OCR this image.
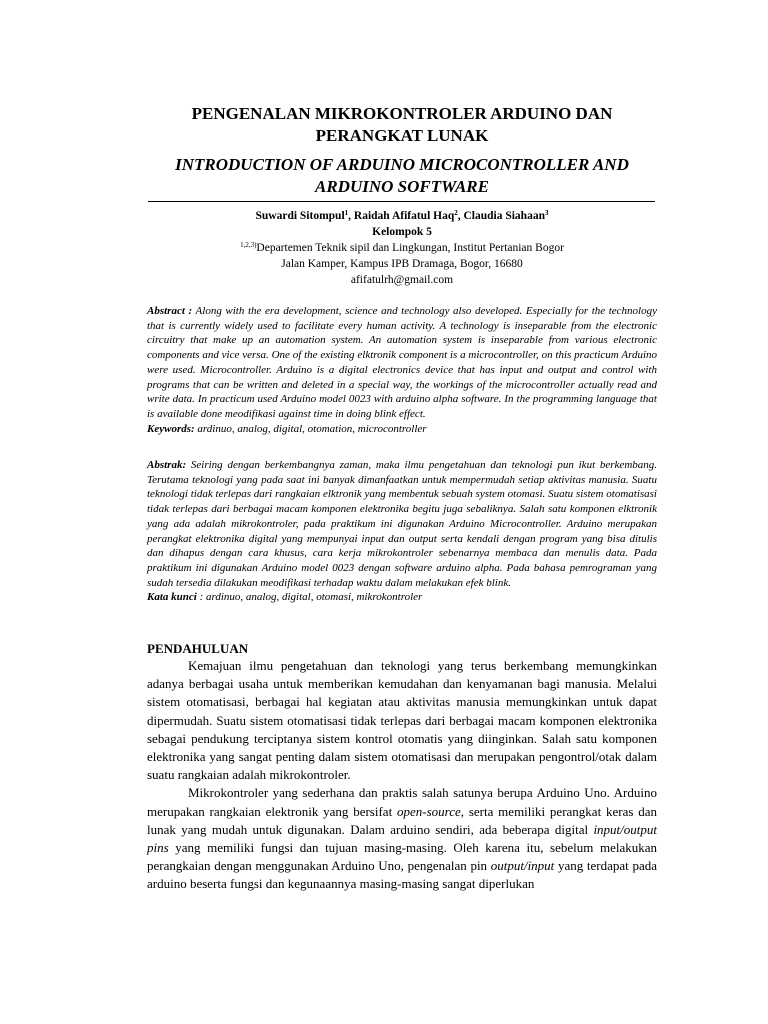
PENGENALAN MIKROKONTROLER ARDUINO DAN PERANGKAT LUNAK
INTRODUCTION OF ARDUINO MICROCONTROLLER AND ARDUINO SOFTWARE
Suwardi Sitompul$^1$, Raidah Afifatul Haq$^2$, Claudia Siahaan$^3$
Kelompok 5
$^{1,2,3)}$Departemen Teknik sipil dan Lingkungan, Institut Pertanian Bogor
Jalan Kamper, Kampus IPB Dramaga, Bogor, 16680
afifatulrh@gmail.com
Abstract : Along with the era development, science and technology also developed. Especially for the technology that is currently widely used to facilitate every human activity. A technology is inseparable from the electronic circuitry that make up an automation system. An automation system is inseparable from various electronic components and vice versa. One of the existing elktronik component is a microcontroller, on this practicum Arduino were used. Microcontroller. Arduino is a digital electronics device that has input and output and control with programs that can be written and deleted in a special way, the workings of the microcontroller actually read and write data. In practicum used Arduino model 0023 with arduino alpha software. In the programming language that is available done meodifikasi against time in doing blink effect.
Keywords: ardinuo, analog, digital, otomation, microcontroller
Abstrak: Seiring dengan berkembangnya zaman, maka ilmu pengetahuan dan teknologi pun ikut berkembang. Terutama teknologi yang pada saat ini banyak dimanfaatkan untuk mempermudah setiap aktivitas manusia. Suatu teknologi tidak terlepas dari rangkaian elktronik yang membentuk sebuah system otomasi. Suatu sistem otomatisasi tidak terlepas dari berbagai macam komponen elektronika begitu juga sebaliknya. Salah satu komponen elktronik yang ada adalah mikrokontroler, pada praktikum ini digunakan Arduino Microcontroller. Arduino merupakan perangkat elektronika digital yang mempunyai input dan output serta kendali dengan program yang bisa ditulis dan dihapus dengan cara khusus, cara kerja mikrokontroler sebenarnya membaca dan menulis data. Pada praktikum ini digunakan Arduino model 0023 dengan software arduino alpha. Pada bahasa pemrograman yang sudah tersedia dilakukan meodifikasi terhadap waktu dalam melakukan efek blink.
Kata kunci : ardinuo, analog, digital, otomasi, mikrokontroler
PENDAHULUAN

Kemajuan ilmu pengetahuan dan teknologi yang terus berkembang memungkinkan adanya berbagai usaha untuk memberikan kemudahan dan kenyamanan bagi manusia. Melalui sistem otomatisasi, berbagai hal kegiatan atau aktivitas manusia memungkinkan untuk dapat dipermudah. Suatu sistem otomatisasi tidak terlepas dari berbagai macam komponen elektronika sebagai pendukung terciptanya sistem kontrol otomatis yang diinginkan. Salah satu komponen elektronika yang sangat penting dalam sistem otomatisasi dan merupakan pengontrol/otak dalam suatu rangkaian adalah mikrokontroler.

Mikrokontroler yang sederhana dan praktis salah satunya berupa Arduino Uno. Arduino merupakan rangkaian elektronik yang bersifat open-source, serta memiliki perangkat keras dan lunak yang mudah untuk digunakan. Dalam arduino sendiri, ada beberapa digital input/output pins yang memiliki fungsi dan tujuan masing-masing. Oleh karena itu, sebelum melakukan perangkaian dengan menggunakan Arduino Uno, pengenalan pin output/input yang terdapat pada arduino beserta fungsi dan kegunaannya masing-masing sangat diperlukan
